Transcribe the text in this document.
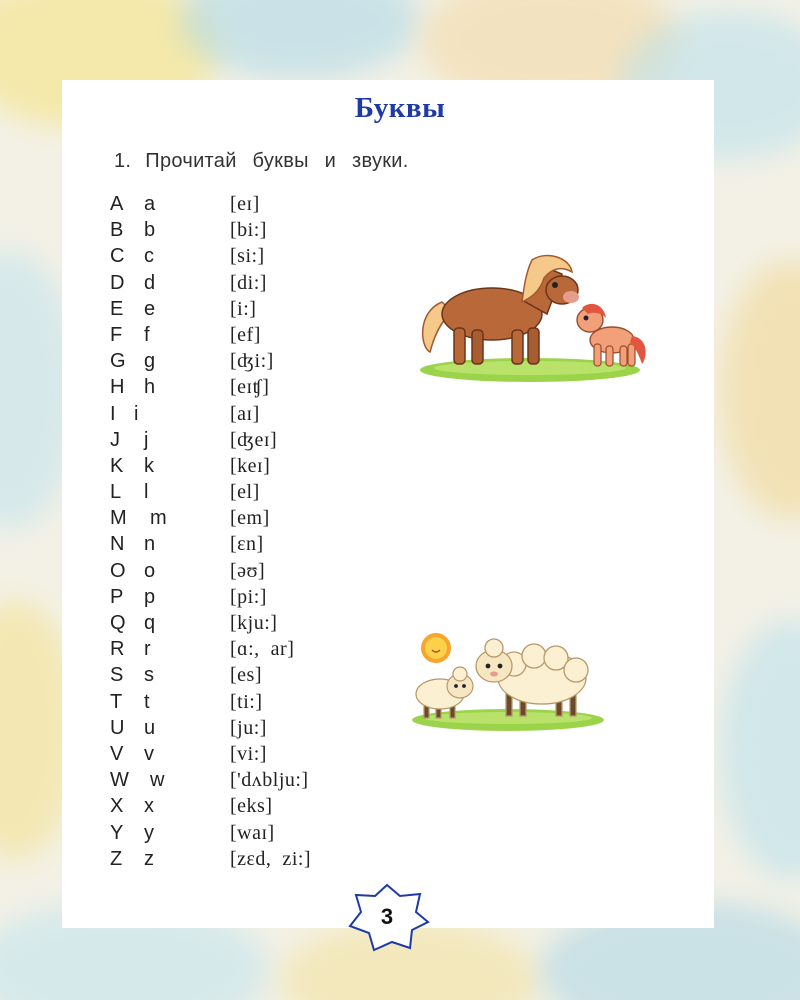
Буквы
1. Прочитай буквы и звуки.
A a	[eɪ]
B b	[bi:]
C c	[si:]
D d	[di:]
E e	[i:]
F f	[ef]
G g	[ʤi:]
H h	[eɪʧ]
I i	[aɪ]
J j	[ʤeɪ]
K k	[keɪ]
L l	[el]
M m	[em]
N n	[ɛn]
O o	[əʊ]
P p	[pi:]
Q q	[kju:]
R r	[ɑ:,  ar]
S s	[es]
T t	[ti:]
U u	[ju:]
V v	[vi:]
W w	['dʌblju:]
X x	[eks]
Y y	[waɪ]
Z z	[zɛd,  zi:]
3
